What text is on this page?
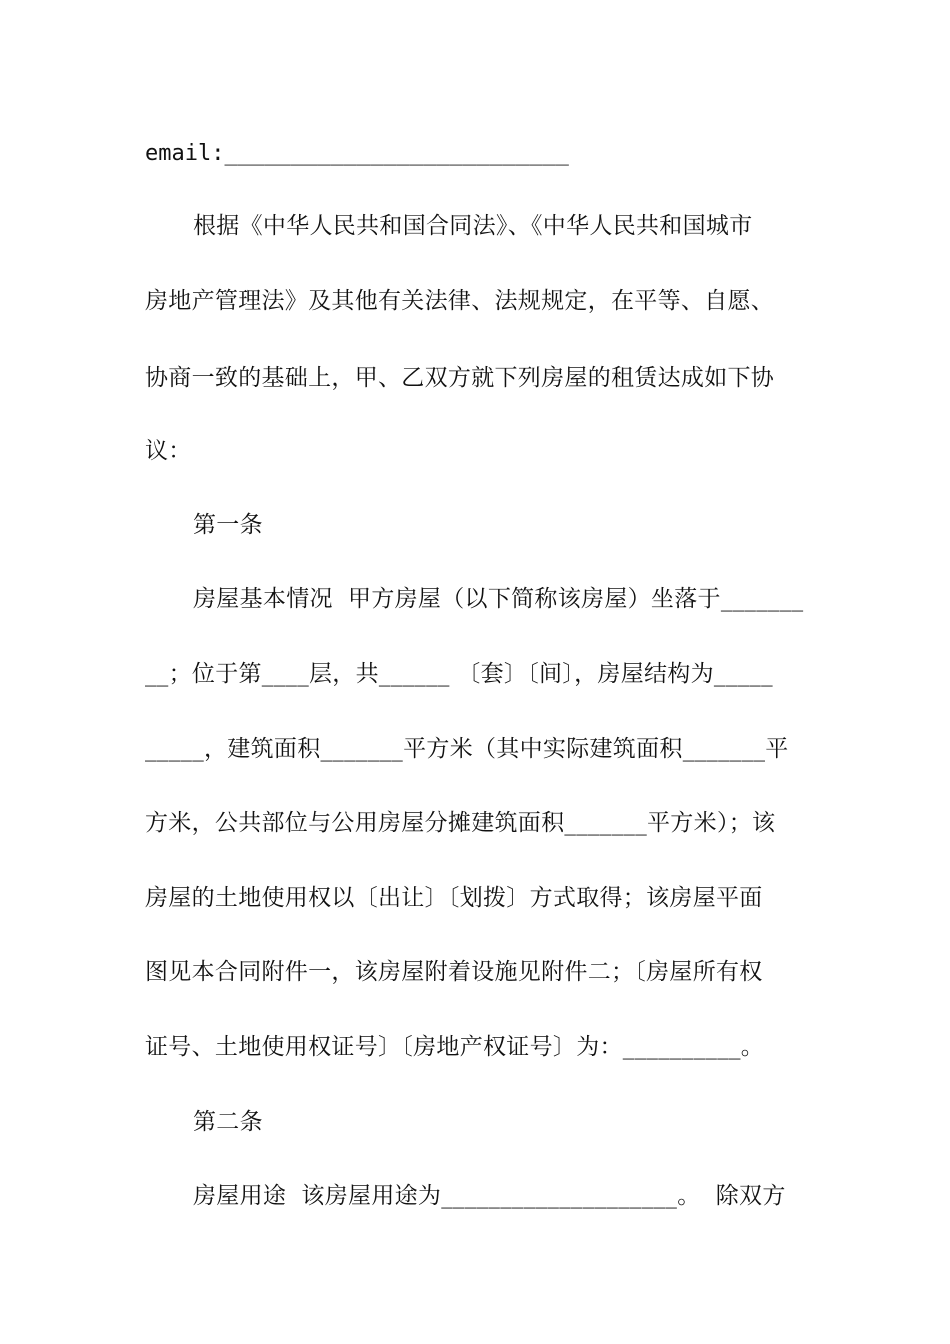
email:__________________________
根据《中华人民共和国合同法》、《中华人民共和国城市
房地产管理法》及其他有关法律、法规规定，在平等、自愿、
协商一致的基础上，甲、乙双方就下列房屋的租赁达成如下协
议：
第一条
房屋基本情况  甲方房屋（以下简称该房屋）坐落于_______
__；位于第____层，共______ 〔套〕〔间〕，房屋结构为_____
_____，建筑面积_______平方米（其中实际建筑面积_______平
方米，公共部位与公用房屋分摊建筑面积_______平方米）；该
房屋的土地使用权以〔出让〕〔划拨〕方式取得；该房屋平面
图见本合同附件一，该房屋附着设施见附件二；〔房屋所有权
证号、土地使用权证号〕〔房地产权证号〕为：__________。
第二条
房屋用途  该房屋用途为____________________。  除双方
